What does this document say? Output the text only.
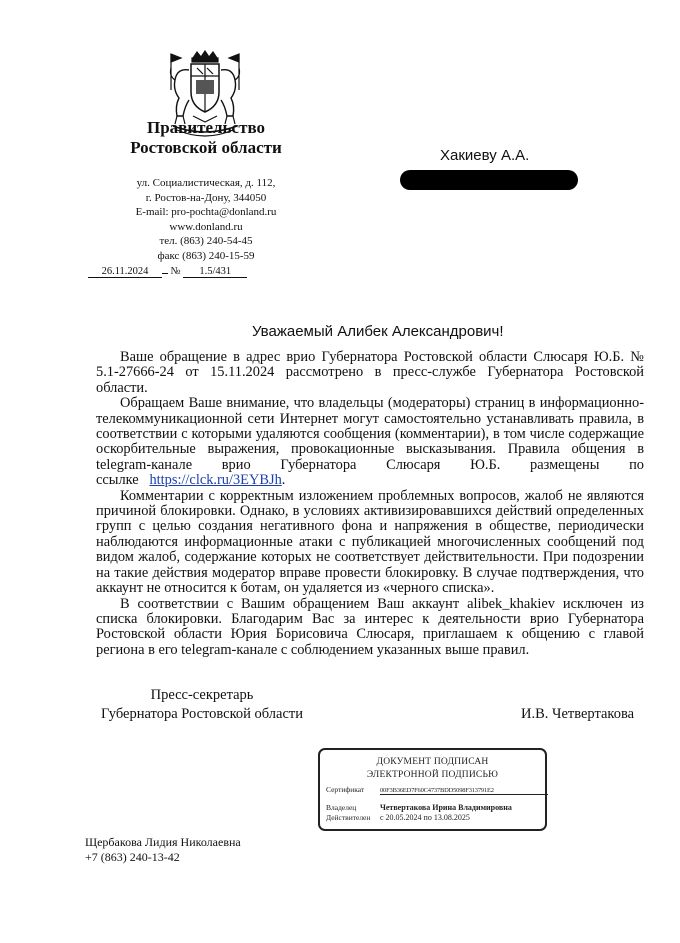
Правительство
Ростовской области
ул. Социалистическая, д. 112,
г. Ростов-на-Дону, 344050
E-mail: pro-pochta@donland.ru
www.donland.ru
тел. (863) 240-54-45
факс (863) 240-15-59
26.11.2024 № 1.5/431
Хакиеву А.А.
Уважаемый Алибек Александрович!

Ваше обращение в адрес врио Губернатора Ростовской области Слюсаря Ю.Б. № 5.1-27666-24 от 15.11.2024 рассмотрено в пресс-службе Губернатора Ростовской области.

Обращаем Ваше внимание, что владельцы (модераторы) страниц в информационно-телекоммуникационной сети Интернет могут самостоятельно устанавливать правила, в соответствии с которыми удаляются сообщения (комментарии), в том числе содержащие оскорбительные выражения, провокационные высказывания. Правила общения в telegram-канале врио Губернатора Слюсаря Ю.Б. размещены по ссылке https://clck.ru/3EYBJh.

Комментарии с корректным изложением проблемных вопросов, жалоб не являются причиной блокировки. Однако, в условиях активизировавшихся действий определенных групп с целью создания негативного фона и напряжения в обществе, периодически наблюдаются информационные атаки с публикацией многочисленных сообщений под видом жалоб, содержание которых не соответствует действительности. При подозрении на такие действия модератор вправе провести блокировку. В случае подтверждения, что аккаунт не относится к ботам, он удаляется из «черного списка».

В соответствии с Вашим обращением Ваш аккаунт alibek_khakiev исключен из списка блокировки. Благодарим Вас за интерес к деятельности врио Губернатора Ростовской области Юрия Борисовича Слюсаря, приглашаем к общению с главой региона в его telegram-канале с соблюдением указанных выше правил.

Пресс-секретарь
Губернатора Ростовской области	И.В. Четвертакова
ДОКУМЕНТ ПОДПИСАН
ЭЛЕКТРОННОЙ ПОДПИСЬЮ
Сертификат 00F3B36ED7F60C4737BDD5098F313791E2
Владелец	Четвертакова Ирина Владимировна
Действителен с 20.05.2024 по 13.08.2025
Щербакова Лидия Николаевна
+7 (863) 240-13-42
